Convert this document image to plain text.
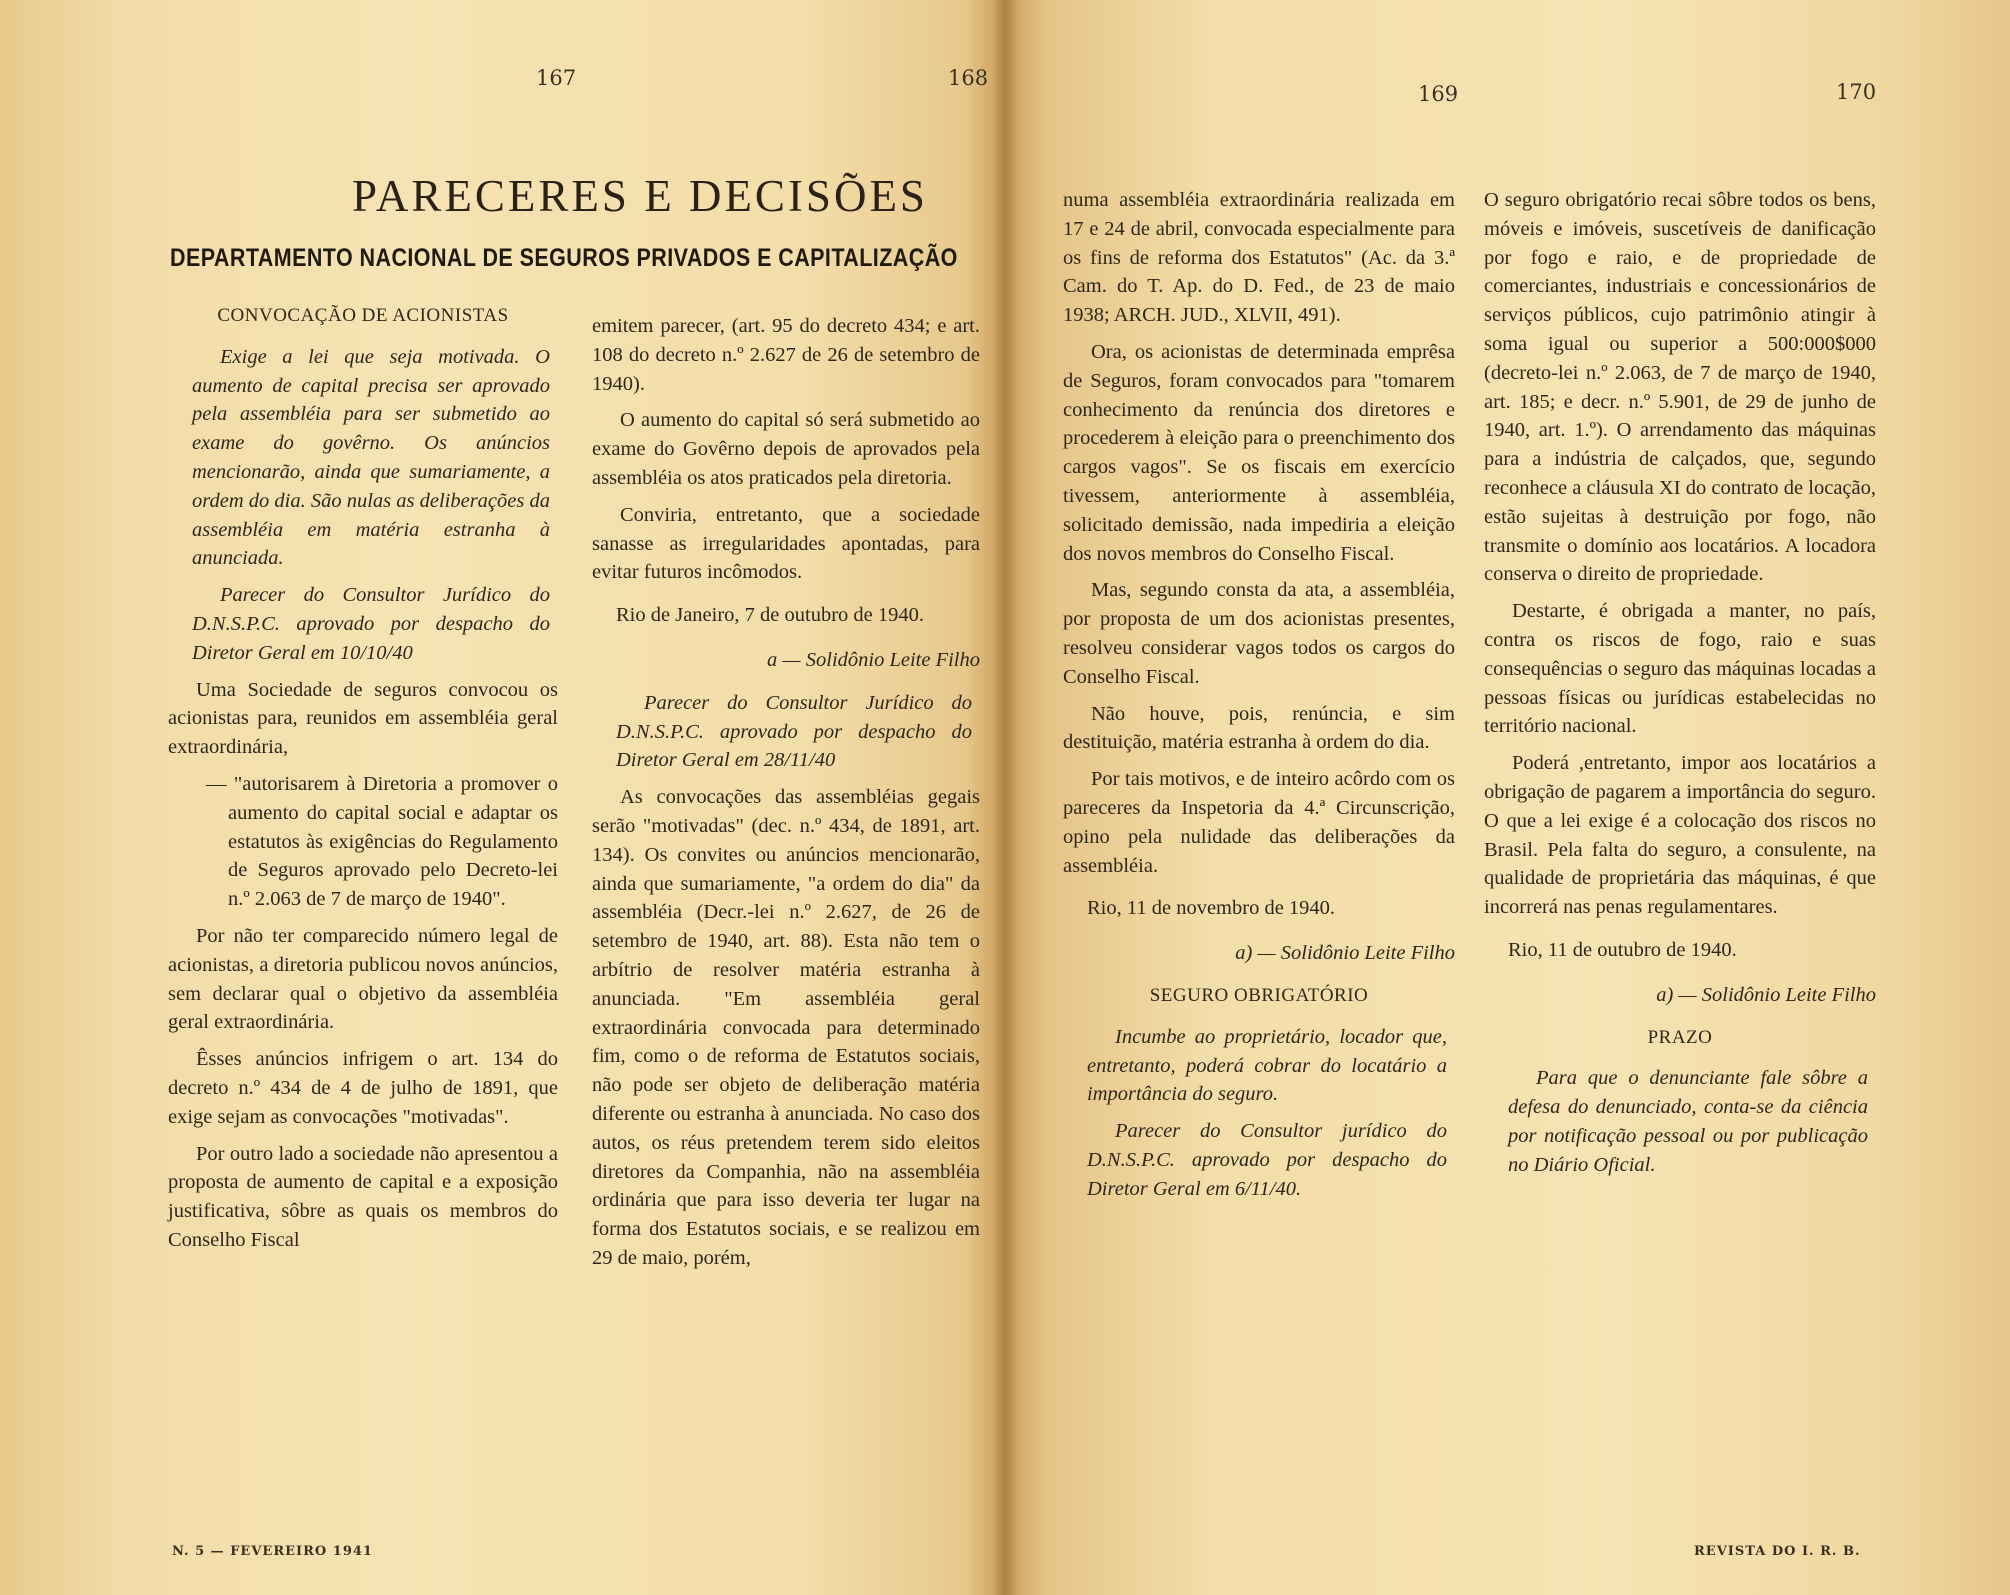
167	168
169	170
PARECERES E DECISÕES
DEPARTAMENTO NACIONAL DE SEGUROS PRIVADOS E CAPITALIZAÇÃO

CONVOCAÇÃO DE ACIONISTAS

Exige a lei que seja motivada. O aumento de capital precisa ser aprovado pela assembléia para ser submetido ao exame do govêrno. Os anúncios mencionarão, ainda que sumariamente, a ordem do dia. São nulas as deliberações da assembléia em matéria estranha à anunciada.

Parecer do Consultor Jurídico do D.N.S.P.C. aprovado por despacho do Diretor Geral em 10/10/40

Uma Sociedade de seguros convocou os acionistas para, reunidos em assembléia geral extraordinária,

— "autorisarem à Diretoria a promover o aumento do capital social e adaptar os estatutos às exigências do Regulamento de Seguros aprovado pelo Decreto-lei n.º 2.063 de 7 de março de 1940".

Por não ter comparecido número legal de acionistas, a diretoria publicou novos anúncios, sem declarar qual o objetivo da assembléia geral extraordinária.

Êsses anúncios infrigem o art. 134 do decreto n.º 434 de 4 de julho de 1891, que exige sejam as convocações "motivadas".

Por outro lado a sociedade não apresentou a proposta de aumento de capital e a exposição justificativa, sôbre as quais os membros do Conselho Fiscal

emitem parecer, (art. 95 do decreto 434; e art. 108 do decreto n.º 2.627 de 26 de setembro de 1940).

O aumento do capital só será submetido ao exame do Govêrno depois de aprovados pela assembléia os atos praticados pela diretoria.

Conviria, entretanto, que a sociedade sanasse as irregularidades apontadas, para evitar futuros incômodos.

Rio de Janeiro, 7 de outubro de 1940.

a — Solidônio Leite Filho

Parecer do Consultor Jurídico do D.N.S.P.C. aprovado por despacho do Diretor Geral em 28/11/40

As convocações das assembléias gegais serão "motivadas" (dec. n.º 434, de 1891, art. 134). Os convites ou anúncios mencionarão, ainda que sumariamente, "a ordem do dia" da assembléia (Decr.-lei n.º 2.627, de 26 de setembro de 1940, art. 88). Esta não tem o arbítrio de resolver matéria estranha à anunciada. "Em assembléia geral extraordinária convocada para determinado fim, como o de reforma de Estatutos sociais, não pode ser objeto de deliberação matéria diferente ou estranha à anunciada. No caso dos autos, os réus pretendem terem sido eleitos diretores da Companhia, não na assembléia ordinária que para isso deveria ter lugar na forma dos Estatutos sociais, e se realizou em 29 de maio, porém,

numa assembléia extraordinária realizada em 17 e 24 de abril, convocada especialmente para os fins de reforma dos Estatutos" (Ac. da 3.ª Cam. do T. Ap. do D. Fed., de 23 de maio 1938; ARCH. JUD., XLVII, 491).

Ora, os acionistas de determinada emprêsa de Seguros, foram convocados para "tomarem conhecimento da renúncia dos diretores e procederem à eleição para o preenchimento dos cargos vagos". Se os fiscais em exercício tivessem, anteriormente à assembléia, solicitado demissão, nada impediria a eleição dos novos membros do Conselho Fiscal.

Mas, segundo consta da ata, a assembléia, por proposta de um dos acionistas presentes, resolveu considerar vagos todos os cargos do Conselho Fiscal.

Não houve, pois, renúncia, e sim destituição, matéria estranha à ordem do dia.

Por tais motivos, e de inteiro acôrdo com os pareceres da Inspetoria da 4.ª Circunscrição, opino pela nulidade das deliberações da assembléia.

Rio, 11 de novembro de 1940.

a) — Solidônio Leite Filho

SEGURO OBRIGATÓRIO

Incumbe ao proprietário, locador que, entretanto, poderá cobrar do locatário a importância do seguro.

Parecer do Consultor jurídico do D.N.S.P.C. aprovado por despacho do Diretor Geral em 6/11/40.

O seguro obrigatório recai sôbre todos os bens, móveis e imóveis, suscetíveis de danificação por fogo e raio, e de propriedade de comerciantes, industriais e concessionários de serviços públicos, cujo patrimônio atingir à soma igual ou superior a 500:000$000 (decreto-lei n.º 2.063, de 7 de março de 1940, art. 185; e decr. n.º 5.901, de 29 de junho de 1940, art. 1.º). O arrendamento das máquinas para a indústria de calçados, que, segundo reconhece a cláusula XI do contrato de locação, estão sujeitas à destruição por fogo, não transmite o domínio aos locatários. A locadora conserva o direito de propriedade.

Destarte, é obrigada a manter, no país, contra os riscos de fogo, raio e suas consequências o seguro das máquinas locadas a pessoas físicas ou jurídicas estabelecidas no território nacional.

Poderá ,entretanto, impor aos locatários a obrigação de pagarem a importância do seguro. O que a lei exige é a colocação dos riscos no Brasil. Pela falta do seguro, a consulente, na qualidade de proprietária das máquinas, é que incorrerá nas penas regulamentares.

Rio, 11 de outubro de 1940.

a) — Solidônio Leite Filho

PRAZO

Para que o denunciante fale sôbre a defesa do denunciado, conta-se da ciência por notificação pessoal ou por publicação no Diário Oficial.

N. 5 — FEVEREIRO 1941	REVISTA DO I. R. B.
